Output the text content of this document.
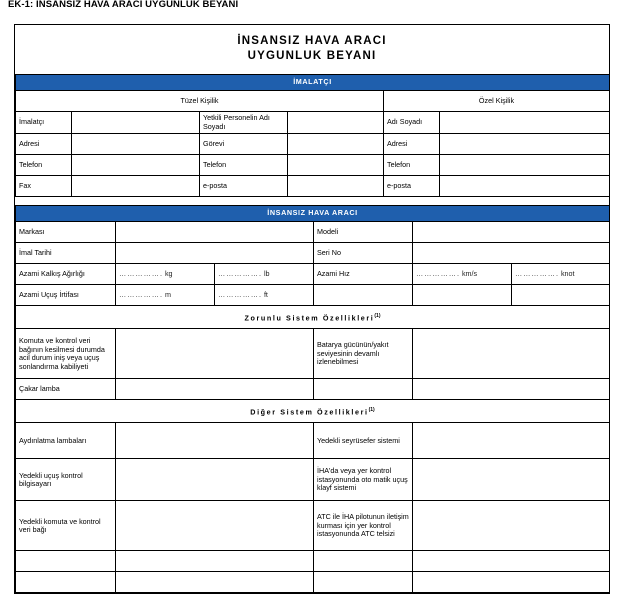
EK-1: İNSANSIZ HAVA ARACI UYGUNLUK BEYANI
İNSANSIZ HAVA ARACI
UYGUNLUK BEYANI
İMALATÇI					
Tüzel Kişilik				Özel Kişilik	
İmalatçı		Yetkili Personelin Adı Soyadı		Adı Soyadı	
Adresi		Görevi		Adresi	
Telefon		Telefon		Telefon	
Fax		e-posta		e-posta	
İNSANSIZ HAVA ARACI					
Markası			Modeli		
İmal Tarihi			Seri No		
Azami Kalkış Ağırlığı	……………. kg	……………. lb	Azami Hız	……………. km/s	……………. knot
Azami Uçuş İrtifası	……………. m	……………. ft			
Zorunlu Sistem Özellikleri$^{(1)}$
Komuta ve kontrol veri bağının kesilmesi durumda acil durum iniş veya uçuş sonlandırma kabiliyeti			Batarya gücünün/yakıt seviyesinin devamlı izlenebilmesi		
Çakar lamba					
Diğer Sistem Özellikleri$^{(1)}$
Aydınlatma lambaları			Yedekli seyrüsefer sistemi		
Yedekli uçuş kontrol bilgisayarı			İHA'da veya yer kontrol istasyonunda oto matik uçuş klayf sistemi		
Yedekli komuta ve kontrol veri bağı			ATC ile İHA pilotunun iletişim kurması için yer kontrol istasyonunda ATC telsizi		
